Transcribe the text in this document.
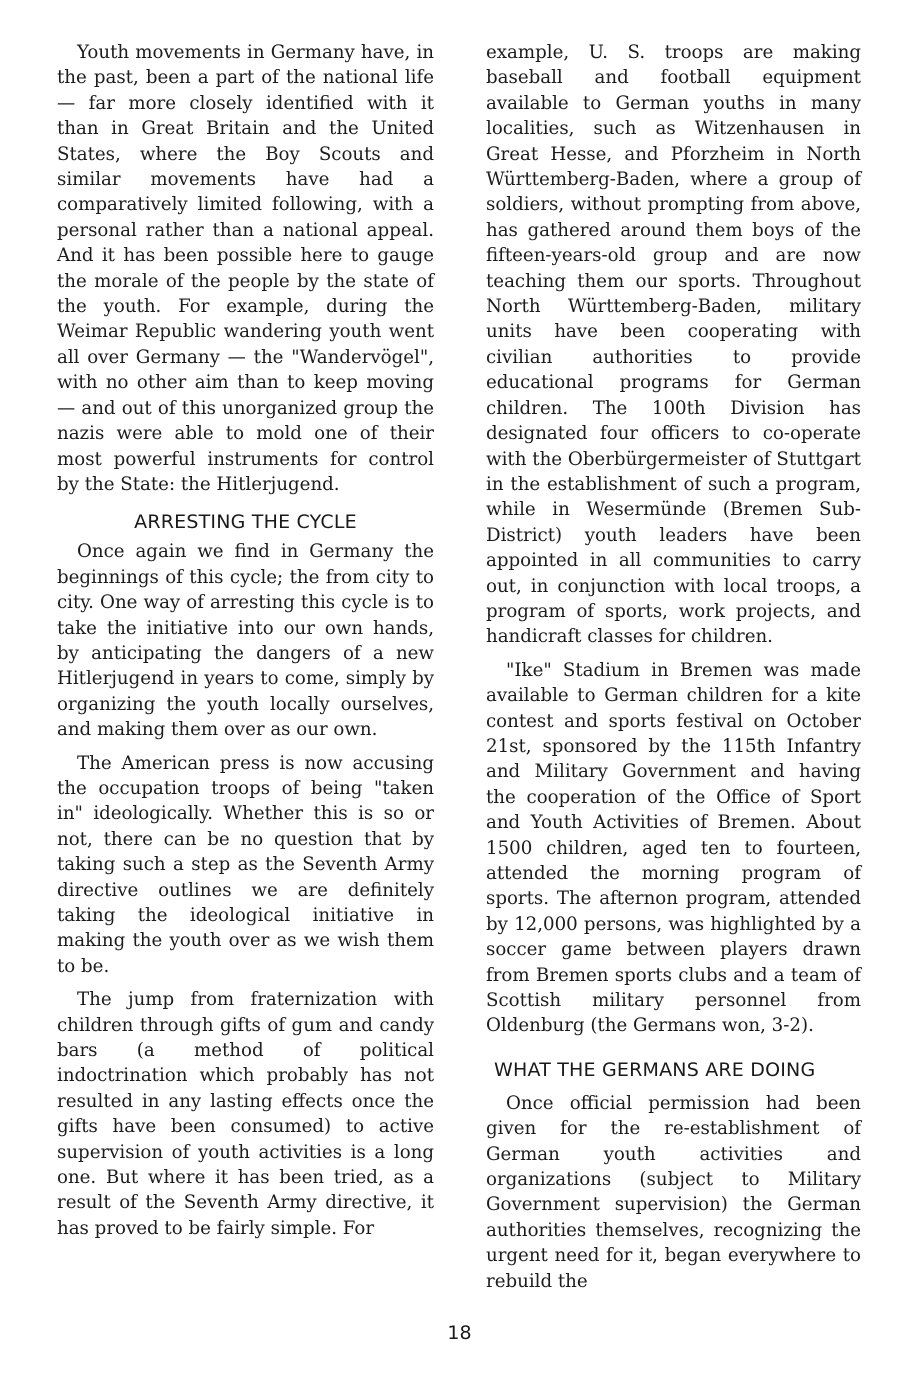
Youth movements in Germany have, in the past, been a part of the national life — far more closely identified with it than in Great Britain and the United States, where the Boy Scouts and similar movements have had a comparatively limited following, with a personal rather than a national appeal. And it has been possible here to gauge the morale of the people by the state of the youth. For example, during the Weimar Republic wandering youth went all over Germany — the "Wandervögel", with no other aim than to keep moving — and out of this unorganized group the nazis were able to mold one of their most powerful instruments for control by the State: the Hitlerjugend.

ARRESTING THE CYCLE

Once again we find in Germany the beginnings of this cycle; the from city to city. One way of arresting this cycle is to take the initiative into our own hands, by anticipating the dangers of a new Hitlerjugend in years to come, simply by organizing the youth locally ourselves, and making them over as our own.

The American press is now accusing the occupation troops of being "taken in" ideologically. Whether this is so or not, there can be no question that by taking such a step as the Seventh Army directive outlines we are definitely taking the ideological initiative in making the youth over as we wish them to be.

The jump from fraternization with children through gifts of gum and candy bars (a method of political indoctrination which probably has not resulted in any lasting effects once the gifts have been consumed) to active supervision of youth activities is a long one. But where it has been tried, as a result of the Seventh Army directive, it has proved to be fairly simple. For

example, U. S. troops are making baseball and football equipment available to German youths in many localities, such as Witzenhausen in Great Hesse, and Pforzheim in North Württemberg-Baden, where a group of soldiers, without prompting from above, has gathered around them boys of the fifteen-years-old group and are now teaching them our sports. Throughout North Württemberg-Baden, military units have been cooperating with civilian authorities to provide educational programs for German children. The 100th Division has designated four officers to co-operate with the Oberbürgermeister of Stuttgart in the establishment of such a program, while in Wesermünde (Bremen Sub-District) youth leaders have been appointed in all communities to carry out, in conjunction with local troops, a program of sports, work projects, and handicraft classes for children.

"Ike" Stadium in Bremen was made available to German children for a kite contest and sports festival on October 21st, sponsored by the 115th Infantry and Military Government and having the cooperation of the Office of Sport and Youth Activities of Bremen. About 1500 children, aged ten to fourteen, attended the morning program of sports. The afternon program, attended by 12,000 persons, was highlighted by a soccer game between players drawn from Bremen sports clubs and a team of Scottish military personnel from Oldenburg (the Germans won, 3-2).

WHAT THE GERMANS ARE DOING

Once official permission had been given for the re-establishment of German youth activities and organizations (subject to Military Government supervision) the German authorities themselves, recognizing the urgent need for it, began everywhere to rebuild the

18
